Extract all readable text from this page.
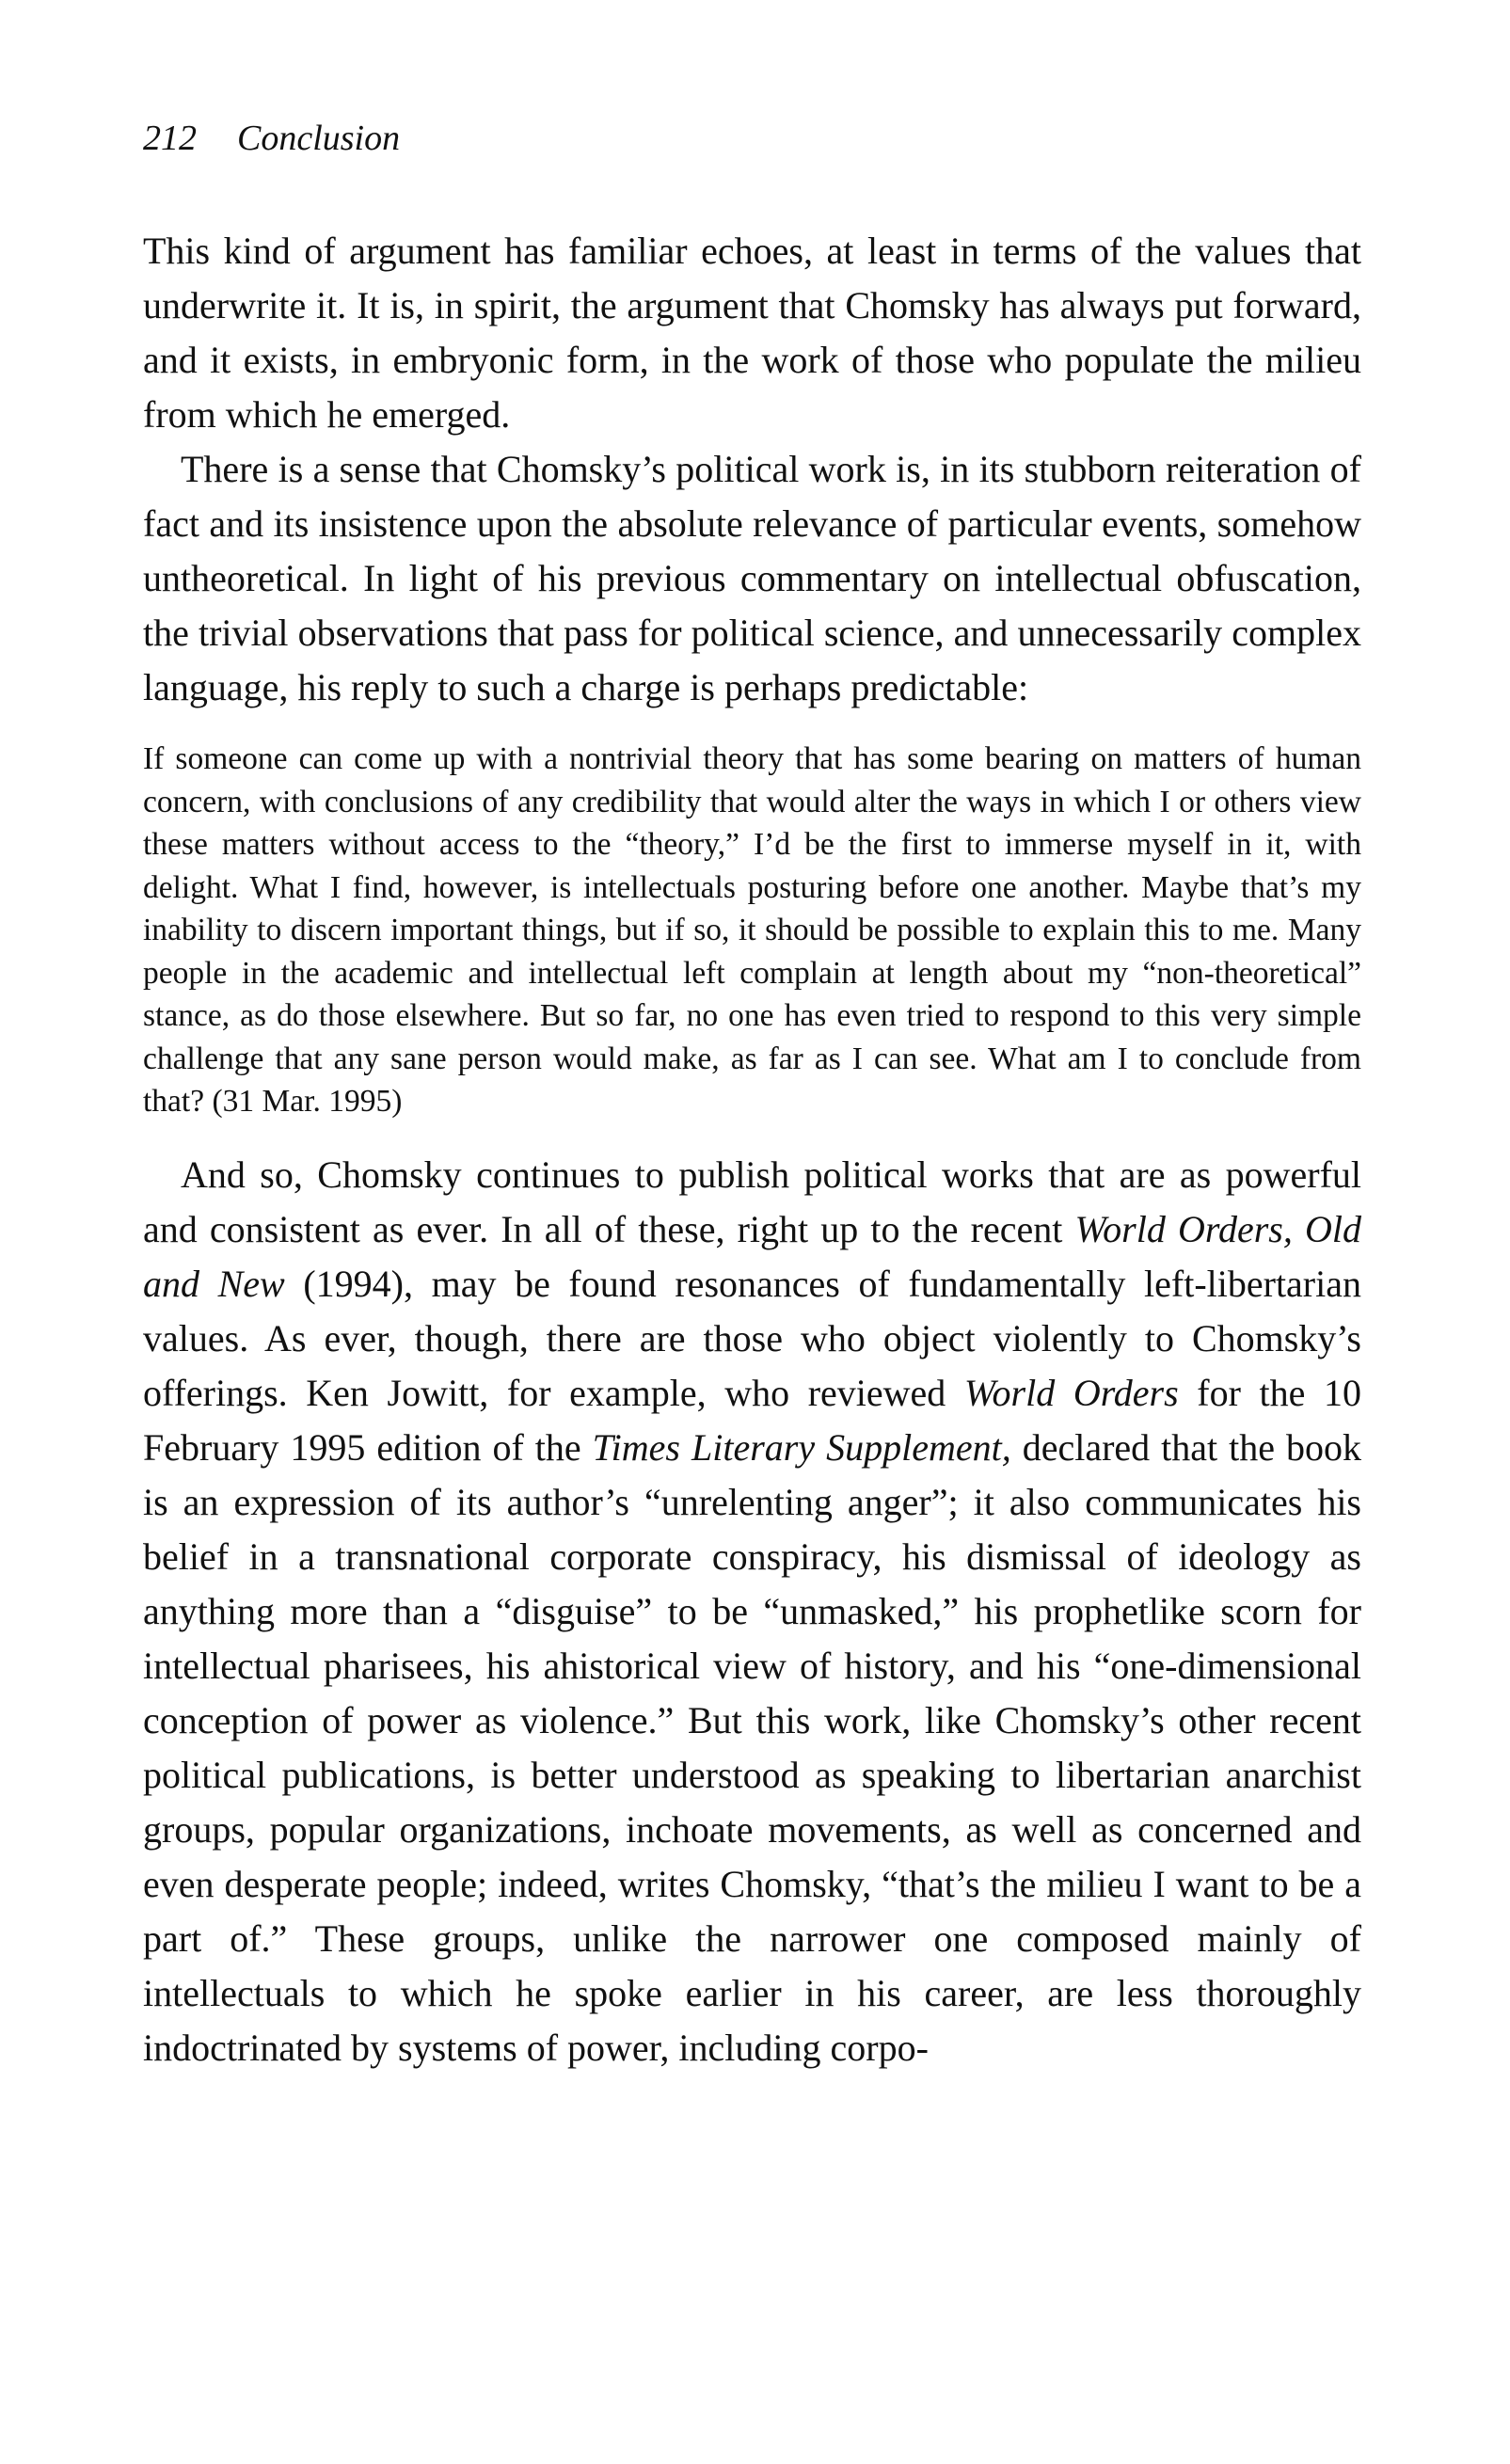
212 Conclusion

This kind of argument has familiar echoes, at least in terms of the values that underwrite it. It is, in spirit, the argument that Chomsky has always put forward, and it exists, in embryonic form, in the work of those who populate the milieu from which he emerged.

There is a sense that Chomsky’s political work is, in its stubborn reiteration of fact and its insistence upon the absolute relevance of particular events, somehow untheoretical. In light of his previous commentary on intellectual obfuscation, the trivial observations that pass for political science, and unnecessarily complex language, his reply to such a charge is perhaps predictable:

If someone can come up with a nontrivial theory that has some bearing on matters of human concern, with conclusions of any credibility that would alter the ways in which I or others view these matters without access to the “theory,” I’d be the first to immerse myself in it, with delight. What I find, however, is intellectuals posturing before one another. Maybe that’s my inability to discern important things, but if so, it should be possible to explain this to me. Many people in the academic and intellectual left complain at length about my “non-theoretical” stance, as do those elsewhere. But so far, no one has even tried to respond to this very simple challenge that any sane person would make, as far as I can see. What am I to conclude from that? (31 Mar. 1995)

And so, Chomsky continues to publish political works that are as powerful and consistent as ever. In all of these, right up to the recent World Orders, Old and New (1994), may be found resonances of fundamentally left-libertarian values. As ever, though, there are those who object violently to Chomsky’s offerings. Ken Jowitt, for example, who reviewed World Orders for the 10 February 1995 edition of the Times Literary Supplement, declared that the book is an expression of its author’s “unrelenting anger”; it also communicates his belief in a transnational corporate conspiracy, his dismissal of ideology as anything more than a “disguise” to be “unmasked,” his prophetlike scorn for intellectual pharisees, his ahistorical view of history, and his “one-dimensional conception of power as violence.” But this work, like Chomsky’s other recent political publications, is better understood as speaking to libertarian anarchist groups, popular organizations, inchoate movements, as well as concerned and even desperate people; indeed, writes Chomsky, “that’s the milieu I want to be a part of.” These groups, unlike the narrower one composed mainly of intellectuals to which he spoke earlier in his career, are less thoroughly indoctrinated by systems of power, including corpo-
